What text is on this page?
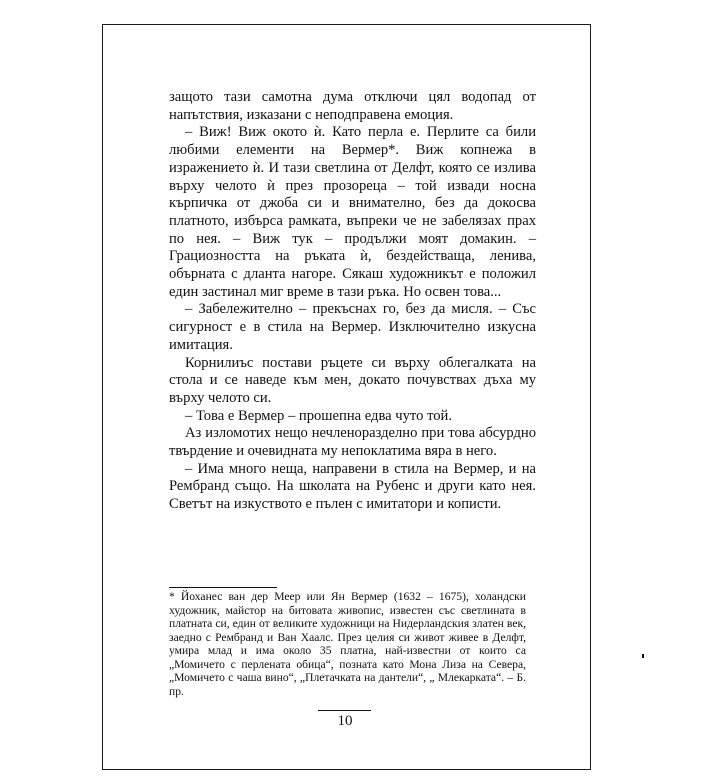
защото тази самотна дума отключи цял водопад от напътствия, изказани с неподправена емоция.

– Виж! Виж окото ѝ. Като перла е. Перлите са били любими елементи на Вермер*. Виж копнежа в изражението ѝ. И тази светлина от Делфт, която се излива върху челото ѝ през прозореца – той извади носна кърпичка от джоба си и внимателно, без да докосва платното, избърса рамката, въпреки че не забелязах прах по нея. – Виж тук – продължи моят домакин. – Грациозността на ръката ѝ, бездействаща, ленива, обърната с дланта нагоре. Сякаш художникът е положил един застинал миг време в тази ръка. Но освен това...

– Забележително – прекъснах го, без да мисля. – Със сигурност е в стила на Вермер. Изключително изкусна имитация.

Корнилиъс постави ръцете си върху облегалката на стола и се наведе към мен, докато почувствах дъха му върху челото си.

– Това е Вермер – прошепна едва чуто той.

Аз изломотих нещо нечленоразделно при това абсурдно твърдение и очевидната му непоклатима вяра в него.

– Има много неща, направени в стила на Вермер, и на Рембранд също. На школата на Рубенс и други като нея. Светът на изкуството е пълен с имитатори и кописти.

* Йоханес ван дер Меер или Ян Вермер (1632 – 1675), холандски художник, майстор на битовата живопис, известен със светлината в платната си, един от великите художници на Нидерландския златен век, заедно с Рембранд и Ван Хаалс. През целия си живот живее в Делфт, умира млад и има около 35 платна, най-известни от които са „Момичето с перлената обица“, познатa като Мона Лиза на Севера, „Момичето с чаша вино“, „Плетачката на дантели“, „ Млекарката“. – Б. пр.

10
